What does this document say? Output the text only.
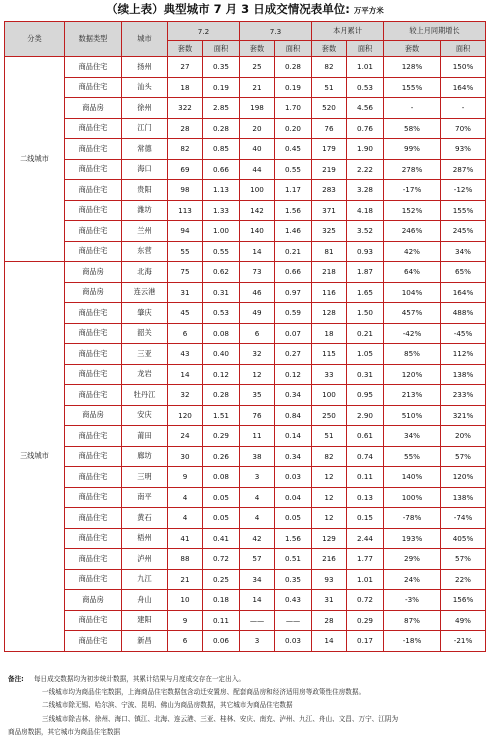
（续上表）典型城市 7 月 3 日成交情况表单位: 万平方米
分类	数据类型	城市	7.2		7.3		本月累计		较上月同期增长	
			套数	面积	套数	面积	套数	面积	套数	面积
二线城市	商品住宅	扬州	27	0.35	25	0.28	82	1.01	128%	150%
	商品住宅	汕头	18	0.19	21	0.19	51	0.53	155%	164%
	商品房	徐州	322	2.85	198	1.70	520	4.56	-	-
	商品住宅	江门	28	0.28	20	0.20	76	0.76	58%	70%
	商品住宅	常德	82	0.85	40	0.45	179	1.90	99%	93%
	商品住宅	海口	69	0.66	44	0.55	219	2.22	278%	287%
	商品住宅	贵阳	98	1.13	100	1.17	283	3.28	-17%	-12%
	商品住宅	潍坊	113	1.33	142	1.56	371	4.18	152%	155%
	商品住宅	兰州	94	1.00	140	1.46	325	3.52	246%	245%
	商品住宅	东营	55	0.55	14	0.21	81	0.93	42%	34%
三线城市	商品房	北海	75	0.62	73	0.66	218	1.87	64%	65%
	商品房	连云港	31	0.31	46	0.97	116	1.65	104%	164%
	商品住宅	肇庆	45	0.53	49	0.59	128	1.50	457%	488%
	商品住宅	韶关	6	0.08	6	0.07	18	0.21	-42%	-45%
	商品住宅	三亚	43	0.40	32	0.27	115	1.05	85%	112%
	商品住宅	龙岩	14	0.12	12	0.12	33	0.31	120%	138%
	商品住宅	牡丹江	32	0.28	35	0.34	100	0.95	213%	233%
	商品房	安庆	120	1.51	76	0.84	250	2.90	510%	321%
	商品住宅	莆田	24	0.29	11	0.14	51	0.61	34%	20%
	商品住宅	廊坊	30	0.26	38	0.34	82	0.74	55%	57%
	商品住宅	三明	9	0.08	3	0.03	12	0.11	140%	120%
	商品住宅	南平	4	0.05	4	0.04	12	0.13	100%	138%
	商品住宅	黄石	4	0.05	4	0.05	12	0.15	-78%	-74%
	商品住宅	梧州	41	0.41	42	1.56	129	2.44	193%	405%
	商品住宅	泸州	88	0.72	57	0.51	216	1.77	29%	57%
	商品住宅	九江	21	0.25	34	0.35	93	1.01	24%	22%
	商品房	舟山	10	0.18	14	0.43	31	0.72	-3%	156%
	商品住宅	建阳	9	0.11	——	——	28	0.29	87%	49%
	商品住宅	新昌	6	0.06	3	0.03	14	0.17	-18%	-21%
备注: 每日成交数据均为初步统计数据，其累计结果与月度成交存在一定出入。
一线城市均为商品住宅数据，上海商品住宅数据包含动迁安置房、配套商品房和经济适用房等政策性住房数据。
二线城市除无锡、哈尔滨、宁波、昆明、佛山为商品房数据，其它城市为商品住宅数据
三线城市除吉林、徐州、海口、镇江、北海、连云港、三亚、桂林、安庆、南充、泸州、九江、舟山、文昌、万宁、江阴为
商品房数据，其它城市为商品住宅数据
